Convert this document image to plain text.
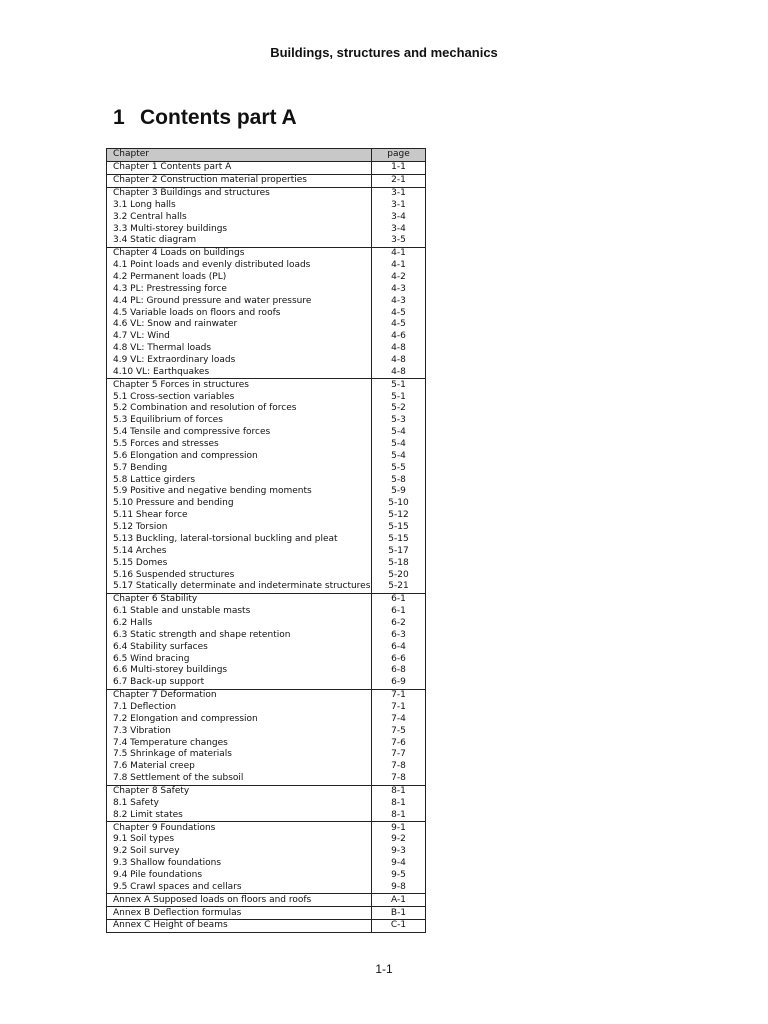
Buildings, structures and mechanics
1 Contents part A
Chapter	page
Chapter 1 Contents part A	1-1
Chapter 2 Construction material properties	2-1
Chapter 3 Buildings and structures	3-1
3.1 Long halls	3-1
3.2 Central halls	3-4
3.3 Multi-storey buildings	3-4
3.4 Static diagram	3-5
Chapter 4 Loads on buildings	4-1
4.1 Point loads and evenly distributed loads	4-1
4.2 Permanent loads (PL)	4-2
4.3 PL: Prestressing force	4-3
4.4 PL: Ground pressure and water pressure	4-3
4.5 Variable loads on floors and roofs	4-5
4.6 VL: Snow and rainwater	4-5
4.7 VL: Wind	4-6
4.8 VL: Thermal loads	4-8
4.9 VL: Extraordinary loads	4-8
4.10 VL: Earthquakes	4-8
Chapter 5 Forces in structures	5-1
5.1 Cross-section variables	5-1
5.2 Combination and resolution of forces	5-2
5.3 Equilibrium of forces	5-3
5.4 Tensile and compressive forces	5-4
5.5 Forces and stresses	5-4
5.6 Elongation and compression	5-4
5.7 Bending	5-5
5.8 Lattice girders	5-8
5.9 Positive and negative bending moments	5-9
5.10 Pressure and bending	5-10
5.11 Shear force	5-12
5.12 Torsion	5-15
5.13 Buckling, lateral-torsional buckling and pleat	5-15
5.14 Arches	5-17
5.15 Domes	5-18
5.16 Suspended structures	5-20
5.17 Statically determinate and indeterminate structures	5-21
Chapter 6 Stability	6-1
6.1 Stable and unstable masts	6-1
6.2 Halls	6-2
6.3 Static strength and shape retention	6-3
6.4 Stability surfaces	6-4
6.5 Wind bracing	6-6
6.6 Multi-storey buildings	6-8
6.7 Back-up support	6-9
Chapter 7 Deformation	7-1
7.1 Deflection	7-1
7.2 Elongation and compression	7-4
7.3 Vibration	7-5
7.4 Temperature changes	7-6
7.5 Shrinkage of materials	7-7
7.6 Material creep	7-8
7.8 Settlement of the subsoil	7-8
Chapter 8 Safety	8-1
8.1 Safety	8-1
8.2 Limit states	8-1
Chapter 9 Foundations	9-1
9.1 Soil types	9-2
9.2 Soil survey	9-3
9.3 Shallow foundations	9-4
9.4 Pile foundations	9-5
9.5 Crawl spaces and cellars	9-8
Annex A Supposed loads on floors and roofs	A-1
Annex B Deflection formulas	B-1
Annex C Height of beams	C-1
1-1
